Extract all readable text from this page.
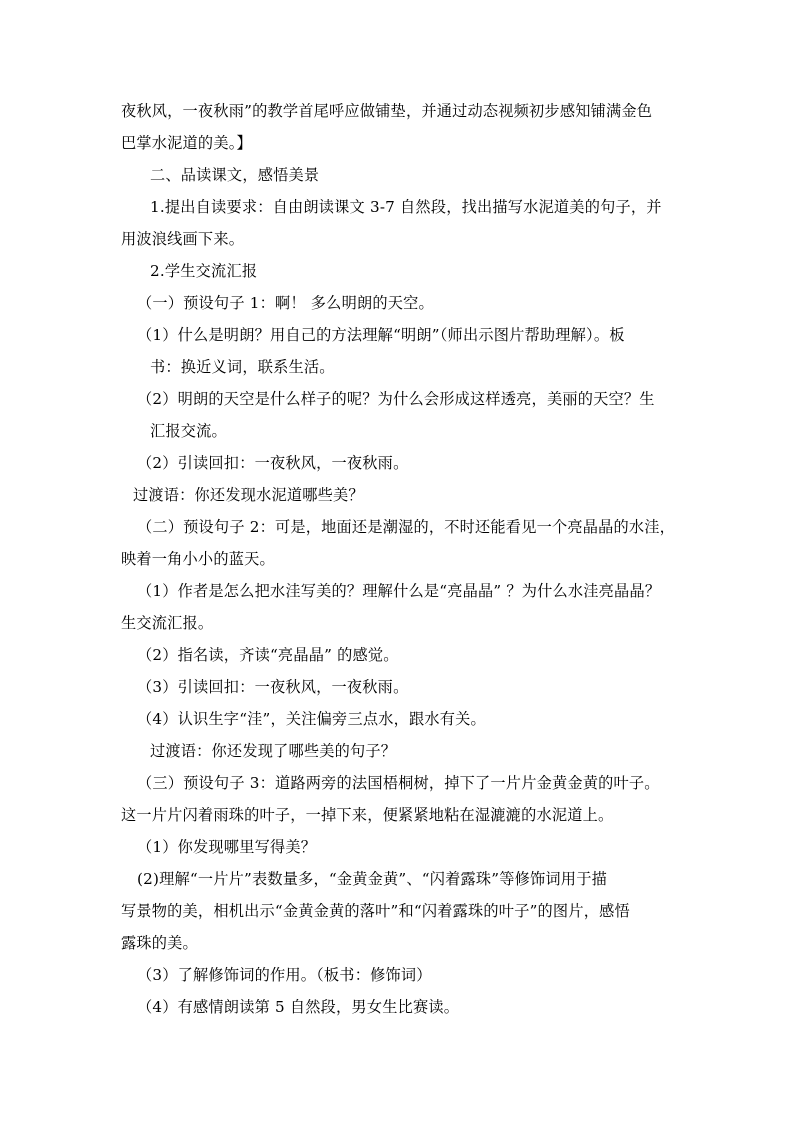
夜秋风，一夜秋雨”的教学首尾呼应做铺垫，并通过动态视频初步感知铺满金色
巴掌水泥道的美。】
二、品读课文，感悟美景
1.提出自读要求：自由朗读课文 3-7 自然段，找出描写水泥道美的句子，并
用波浪线画下来。
2.学生交流汇报
（一）预设句子 1：啊！ 多么明朗的天空。
（1）什么是明朗？用自己的方法理解“明朗”（师出示图片帮助理解）。板
书：换近义词，联系生活。
（2）明朗的天空是什么样子的呢？为什么会形成这样透亮，美丽的天空？生
汇报交流。
（2）引读回扣：一夜秋风，一夜秋雨。
过渡语：你还发现水泥道哪些美？
（二）预设句子 2：可是，地面还是潮湿的，不时还能看见一个亮晶晶的水洼，
映着一角小小的蓝天。
（1）作者是怎么把水洼写美的？理解什么是“亮晶晶” ？为什么水洼亮晶晶？
生交流汇报。
（2）指名读，齐读“亮晶晶” 的感觉。
（3）引读回扣：一夜秋风，一夜秋雨。
（4）认识生字“洼”，关注偏旁三点水，跟水有关。
过渡语：你还发现了哪些美的句子？
（三）预设句子 3：道路两旁的法国梧桐树，掉下了一片片金黄金黄的叶子。
这一片片闪着雨珠的叶子，一掉下来，便紧紧地粘在湿漉漉的水泥道上。
（1）你发现哪里写得美？
(2)理解“一片片”表数量多，“金黄金黄”、“闪着露珠”等修饰词用于描
写景物的美，相机出示“金黄金黄的落叶”和“闪着露珠的叶子”的图片，感悟
露珠的美。
（3）了解修饰词的作用。（板书：修饰词）
（4）有感情朗读第 5 自然段，男女生比赛读。
